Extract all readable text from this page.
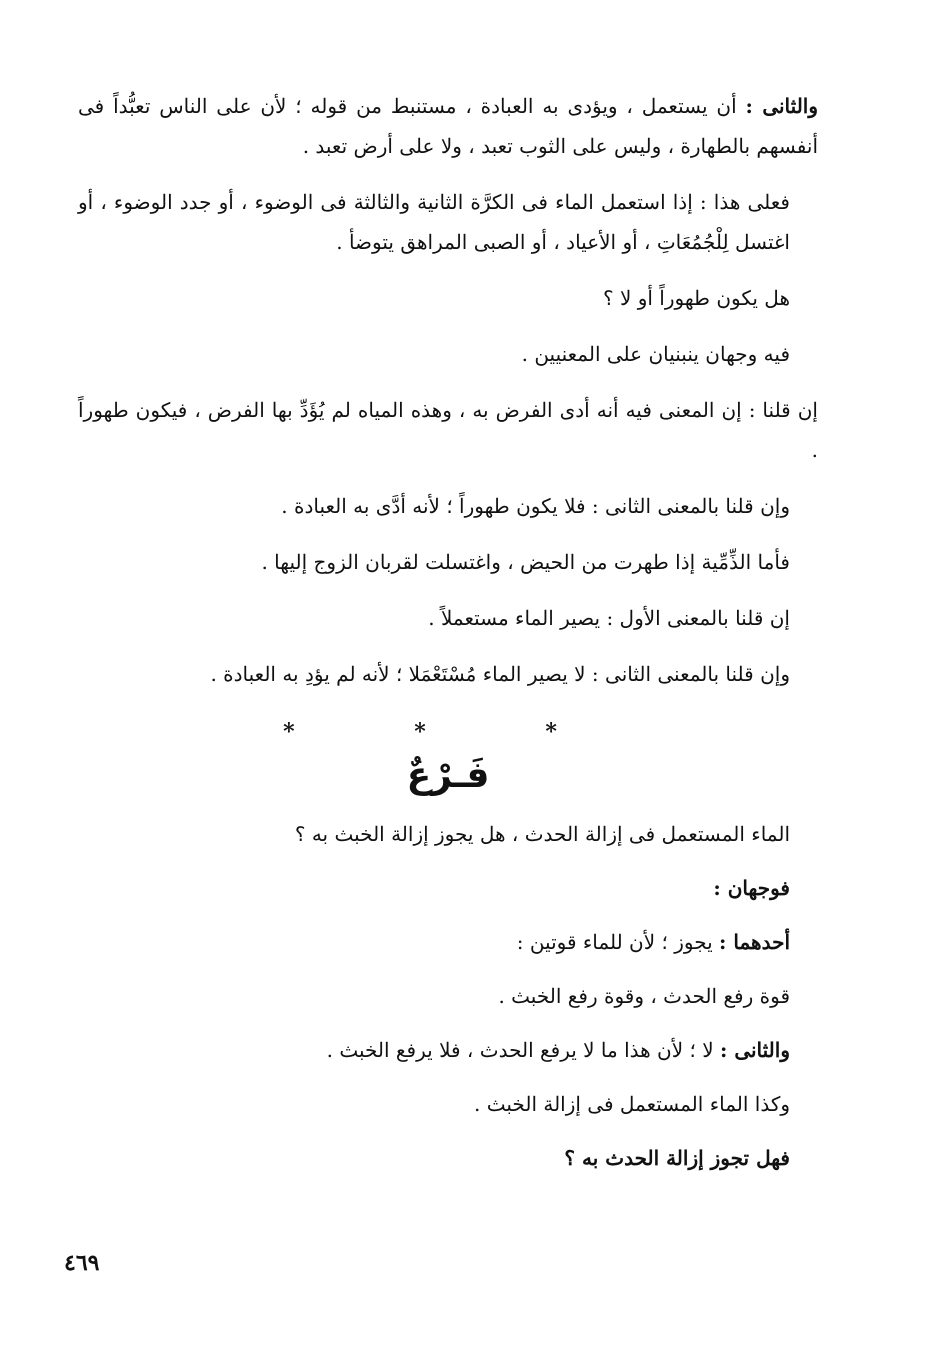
والثانى : أن يستعمل ، ويؤدى به العبادة ، مستنبط من قوله ؛ لأن على الناس تعبُّداً فى أنفسهم بالطهارة ، وليس على الثوب تعبد ، ولا على أرض تعبد .

فعلى هذا : إذا استعمل الماء فى الكرَّة الثانية والثالثة فى الوضوء ، أو جدد الوضوء ، أو اغتسل لِلْجُمُعَاتِ ، أو الأعياد ، أو الصبى المراهق يتوضأ .

هل يكون طهوراً أو لا ؟

فيه وجهان ينبنيان على المعنيين .

إن قلنا : إن المعنى فيه أنه أدى الفرض به ، وهذه المياه لم يُؤَدِّ بها الفرض ، فيكون طهوراً .

وإن قلنا بالمعنى الثانى : فلا يكون طهوراً ؛ لأنه أدَّى به العبادة .

فأما الذِّمِّية إذا طهرت من الحيض ، واغتسلت لقربان الزوج إليها .

إن قلنا بالمعنى الأول : يصير الماء مستعملاً .

وإن قلنا بالمعنى الثانى : لا يصير الماء مُسْتَعْمَلا ؛ لأنه لم يؤدِ به العبادة .

* * *
فَـرْعٌ

الماء المستعمل فى إزالة الحدث ، هل يجوز إزالة الخبث به ؟

فوجهان :

أحدهما : يجوز ؛ لأن للماء قوتين :

قوة رفع الحدث ، وقوة رفع الخبث .

والثانى : لا ؛ لأن هذا ما لا يرفع الحدث ، فلا يرفع الخبث .

وكذا الماء المستعمل فى إزالة الخبث .

فهل تجوز إزالة الحدث به ؟

٤٦٩
